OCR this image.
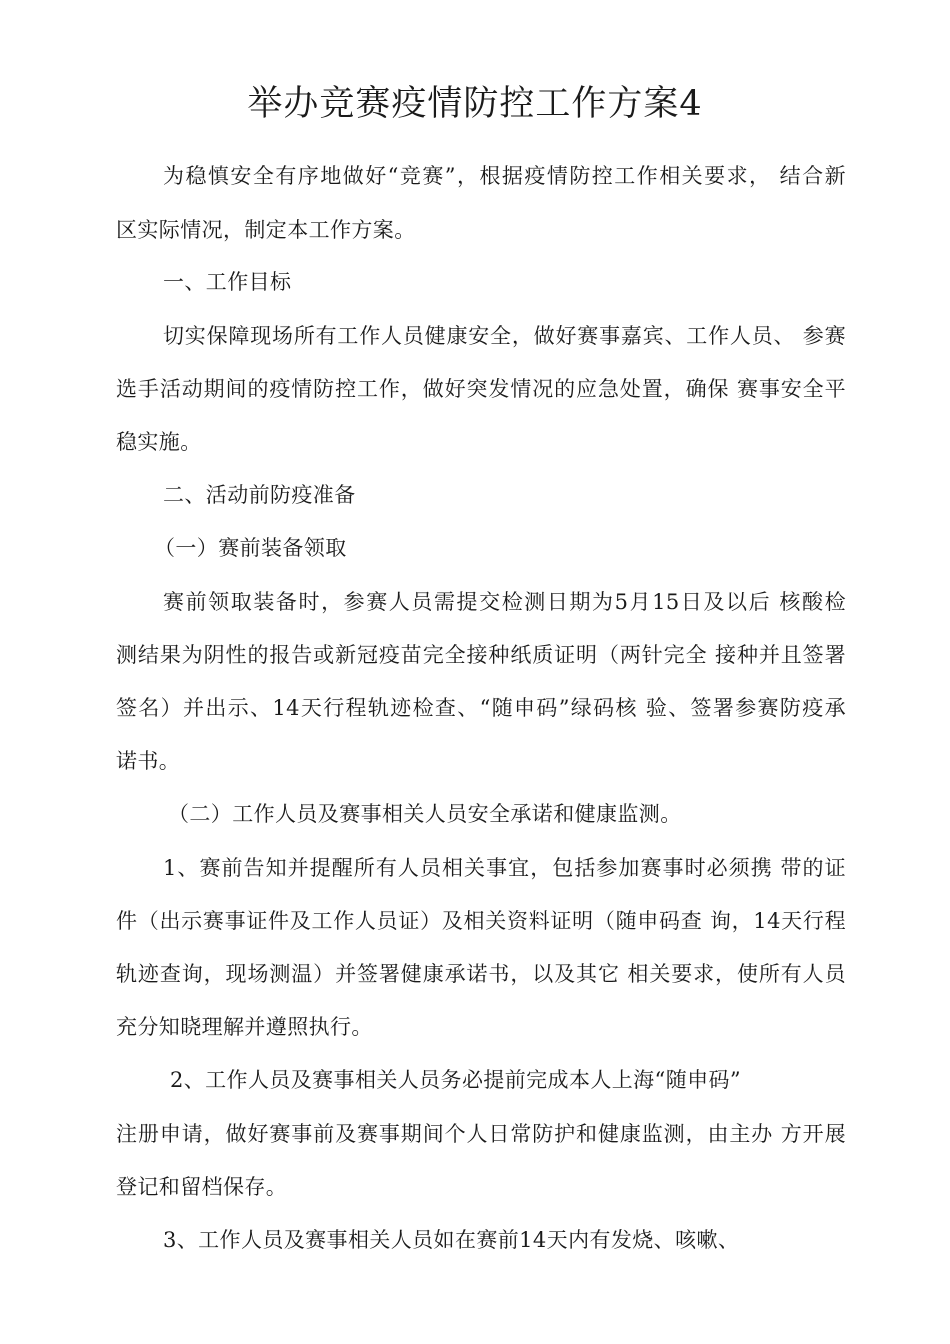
举办竞赛疫情防控工作方案4

为稳慎安全有序地做好“竞赛”，根据疫情防控工作相关要求， 结合新

区实际情况，制定本工作方案。

一、工作目标

切实保障现场所有工作人员健康安全，做好赛事嘉宾、工作人员、 参赛

选手活动期间的疫情防控工作，做好突发情况的应急处置，确保 赛事安全平

稳实施。

二、活动前防疫准备

（一）赛前装备领取

赛前领取装备时，参赛人员需提交检测日期为5月15日及以后 核酸检

测结果为阴性的报告或新冠疫苗完全接种纸质证明（两针完全 接种并且签署

签名）并出示、14天行程轨迹检查、“随申码”绿码核 验、签署参赛防疫承

诺书。

（二）工作人员及赛事相关人员安全承诺和健康监测。

1、赛前告知并提醒所有人员相关事宜，包括参加赛事时必须携 带的证

件（出示赛事证件及工作人员证）及相关资料证明（随申码查 询，14天行程

轨迹查询，现场测温）并签署健康承诺书，以及其它 相关要求，使所有人员

充分知晓理解并遵照执行。

2、工作人员及赛事相关人员务必提前完成本人上海“随申码”

注册申请，做好赛事前及赛事期间个人日常防护和健康监测，由主办 方开展

登记和留档保存。

3、工作人员及赛事相关人员如在赛前14天内有发烧、咳嗽、
